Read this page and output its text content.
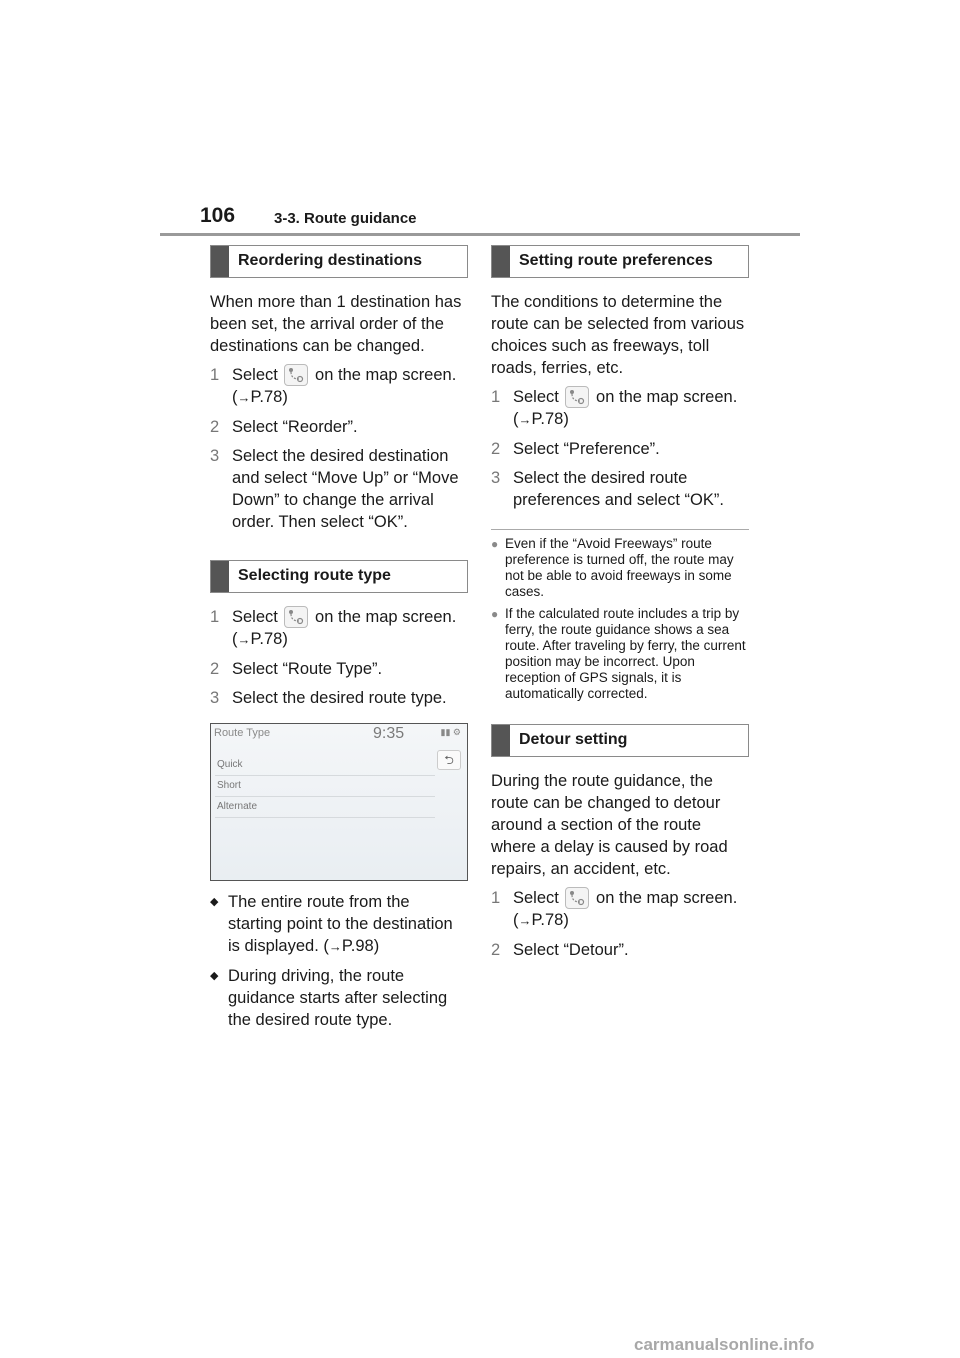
106	3-3. Route guidance
Reordering destinations
When more than 1 destination has been set, the arrival order of the destinations can be changed.
1 Select on the map screen. (→P.78)
2 Select “Reorder”.
3 Select the desired destination and select “Move Up” or “Move Down” to change the arrival order. Then select “OK”.
Selecting route type
1 Select on the map screen. (→P.78)
2 Select “Route Type”.
3 Select the desired route type.
Route Type	9:35	▮▮ ⚙
⮌
Quick
Short
Alternate
◆ The entire route from the starting point to the destination is displayed. (→P.98)
◆ During driving, the route guidance starts after selecting the desired route type.
Setting route preferences
The conditions to determine the route can be selected from various choices such as freeways, toll roads, ferries, etc.
1 Select on the map screen. (→P.78)
2 Select “Preference”.
3 Select the desired route preferences and select “OK”.
● Even if the “Avoid Freeways” route preference is turned off, the route may not be able to avoid freeways in some cases.
● If the calculated route includes a trip by ferry, the route guidance shows a sea route. After traveling by ferry, the current position may be incorrect. Upon reception of GPS signals, it is automatically corrected.
Detour setting
During the route guidance, the route can be changed to detour around a section of the route where a delay is caused by road repairs, an accident, etc.
1 Select on the map screen. (→P.78)
2 Select “Detour”.
carmanualsonline.info
